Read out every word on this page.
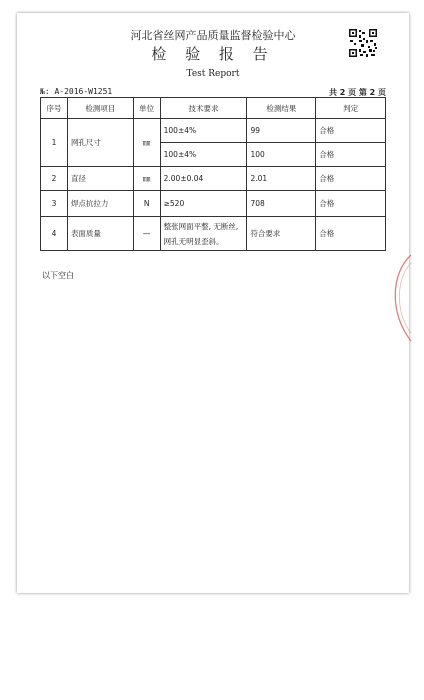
河北省丝网产品质量监督检验中心
检 验 报 告
Test Report
№: A-2016-W1251	共 2 页 第 2 页
序号	检测项目	单位	技术要求	检测结果	判定
1	网孔尺寸	㎜	100±4%	99	合格
			100±4%	100	合格
2	直径	㎜	2.00±0.04	2.01	合格
3	焊点抗拉力	N	≥520	708	合格
4	表面质量	—	整张网面平整, 无断丝, 网孔无明显歪斜。	符合要求	合格
以下空白
